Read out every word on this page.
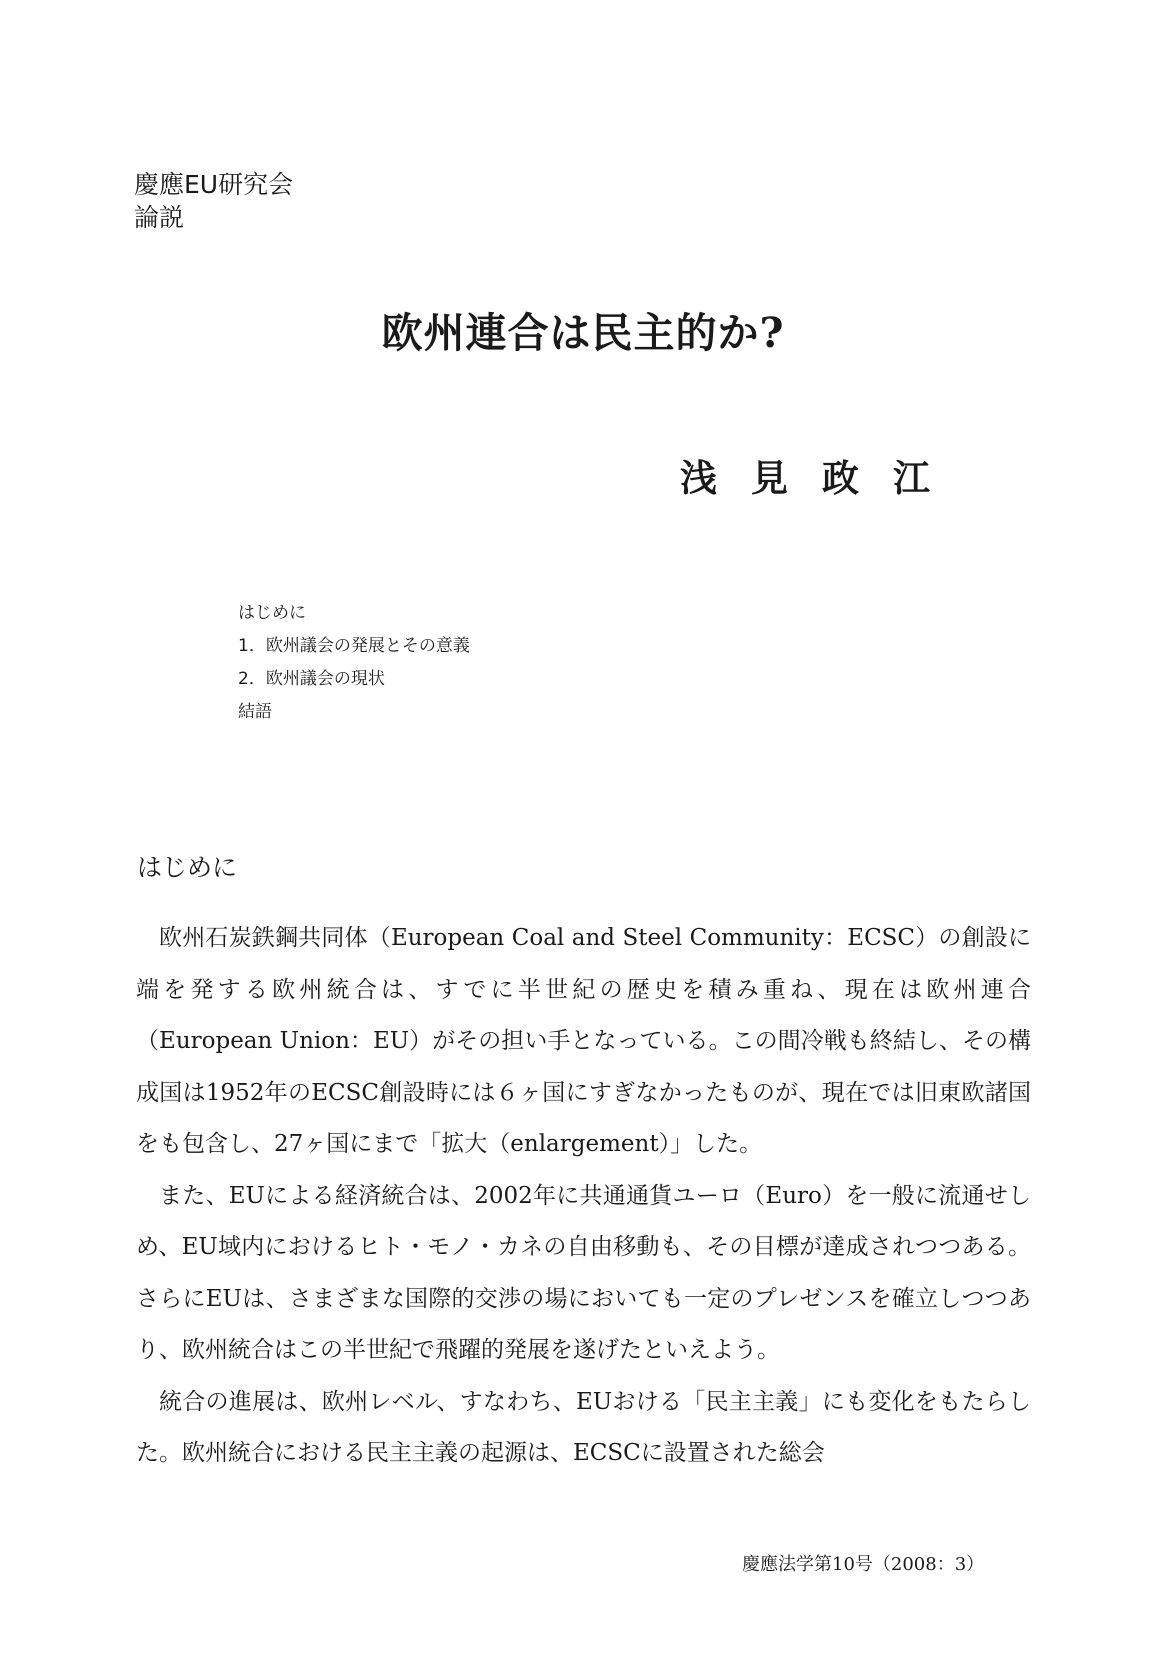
慶應EU研究会
論説
欧州連合は民主的か?
浅見政江
はじめに
1．欧州議会の発展とその意義
2．欧州議会の現状
結語
はじめに

欧州石炭鉄鋼共同体（European Coal and Steel Community：ECSC）の創設に端を発する欧州統合は、すでに半世紀の歴史を積み重ね、現在は欧州連合（European Union：EU）がその担い手となっている。この間冷戦も終結し、その構成国は1952年のECSC創設時には６ヶ国にすぎなかったものが、現在では旧東欧諸国をも包含し、27ヶ国にまで「拡大（enlargement）」した。

また、EUによる経済統合は、2002年に共通通貨ユーロ（Euro）を一般に流通せしめ、EU域内におけるヒト・モノ・カネの自由移動も、その目標が達成されつつある。さらにEUは、さまざまな国際的交渉の場においても一定のプレゼンスを確立しつつあり、欧州統合はこの半世紀で飛躍的発展を遂げたといえよう。

統合の進展は、欧州レベル、すなわち、EUおける「民主主義」にも変化をもたらした。欧州統合における民主主義の起源は、ECSCに設置された総会

慶應法学第10号（2008：3）
